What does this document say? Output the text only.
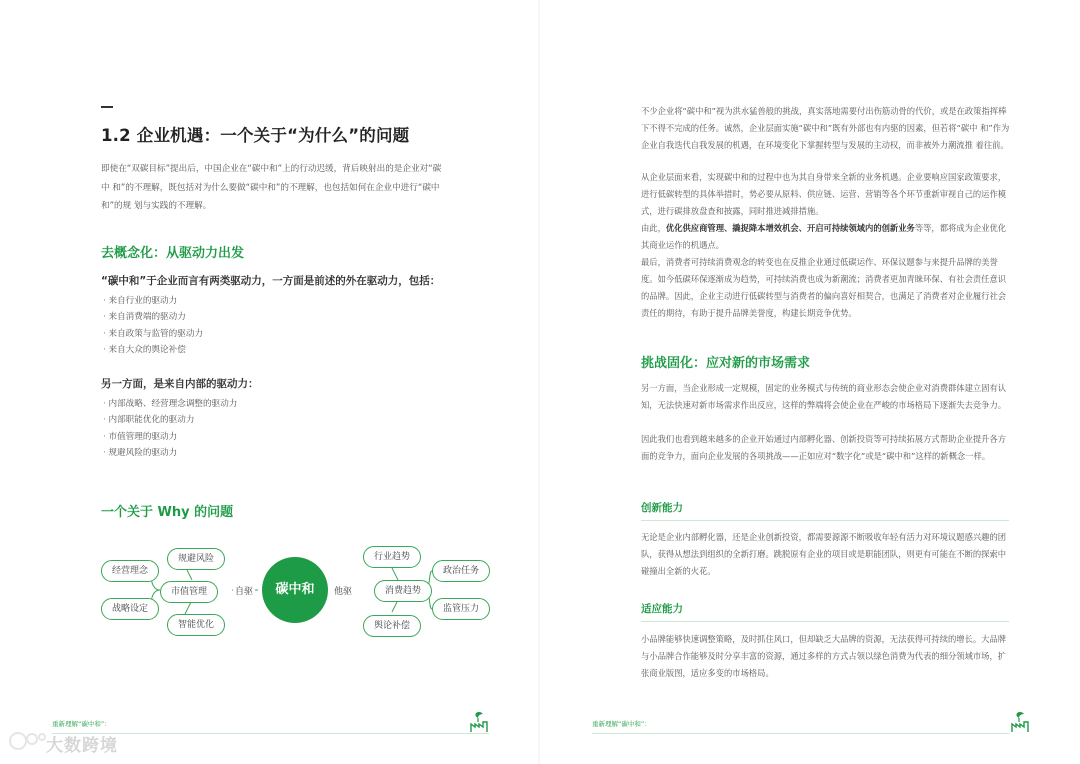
1.2 企业机遇：一个关于“为什么”的问题
即使在“双碳目标”提出后，中国企业在“碳中和”上的行动迟缓，背后映射出的是企业对“碳中 和”的不理解，既包括对为什么要做“碳中和”的不理解，也包括如何在企业中进行“碳中和”的规 划与实践的不理解。
去概念化：从驱动力出发
“碳中和”于企业而言有两类驱动力，一方面是前述的外在驱动力，包括：
· 来自行业的驱动力
· 来自消费端的驱动力
· 来自政策与监管的驱动力
· 来自大众的舆论补偿
另一方面，是来自内部的驱动力：
· 内部战略、经营理念调整的驱动力
· 内部职能优化的驱动力
· 市值管理的驱动力
· 规避风险的驱动力
一个关于 Why 的问题
经营理念
规避风险
市值管理
战略设定
智能优化
自驱	碳中和	他驱
行业趋势
消费趋势
舆论补偿
政治任务
监管压力
不少企业将“碳中和”视为洪水猛兽般的挑战，真实落地需要付出伤筋动骨的代价，或是在政策指挥棒下不得不完成的任务。诚然，企业层面实施“碳中和”既有外部也有内驱的因素，但若将“碳中 和”作为企业自我迭代自我发展的机遇，在环境变化下掌握转型与发展的主动权，而非被外力潮流推 着往前。
从企业层面来看，实现碳中和的过程中也为其自身带来全新的业务机遇。企业要响应国家政策要求，进行低碳转型的具体举措时，势必要从原料、供应链、运营、营销等各个环节重新审视自己的运作模 式，进行碳排放盘查和披露，同时推进减排措施。
由此，优化供应商管理、撬捉降本增效机会、开启可持续领域内的创新业务等等，都将成为企业优化 其商业运作的机遇点。
最后，消费者可持续消费观念的转变也在反推企业通过低碳运作、环保议题参与来提升品牌的美誉 度。如今低碳环保逐渐成为趋势，可持续消费也成为新潮流；消费者更加青睐环保、有社会责任意识 的品牌。因此，企业主动进行低碳转型与消费者的偏向喜好相契合，也满足了消费者对企业履行社会 责任的期待，有助于提升品牌美誉度，构建长期竞争优势。
挑战固化：应对新的市场需求
另一方面，当企业形成一定规模，固定的业务模式与传统的商业形态会使企业对消费群体建立固有认 知，无法快速对新市场需求作出反应，这样的弊端将会使企业在严峻的市场格局下逐渐失去竞争力。
因此我们也看到越来越多的企业开始通过内部孵化器、创新投资等可持续拓展方式帮助企业提升各方 面的竞争力，面向企业发展的各项挑战——正如应对“数字化”或是“碳中和”这样的新概念一样。
创新能力
无论是企业内部孵化器，还是企业创新投资，都需要源源不断吸收年轻有活力对环境议题感兴趣的团 队，获得从想法到组织的全新打磨。跳脱原有企业的项目或是职能团队，则更有可能在不断的探索中 碰撞出全新的火花。
适应能力
小品牌能够快速调整策略，及时抓住风口，但却缺乏大品牌的资源，无法获得可持续的增长。大品牌 与小品牌合作能够及时分享丰富的资源，通过多样的方式占领以绿色消费为代表的细分领域市场，扩 张商业版图，适应多变的市场格局。
重新理解“碳中和”：	重新理解“碳中和”：
大数跨境
